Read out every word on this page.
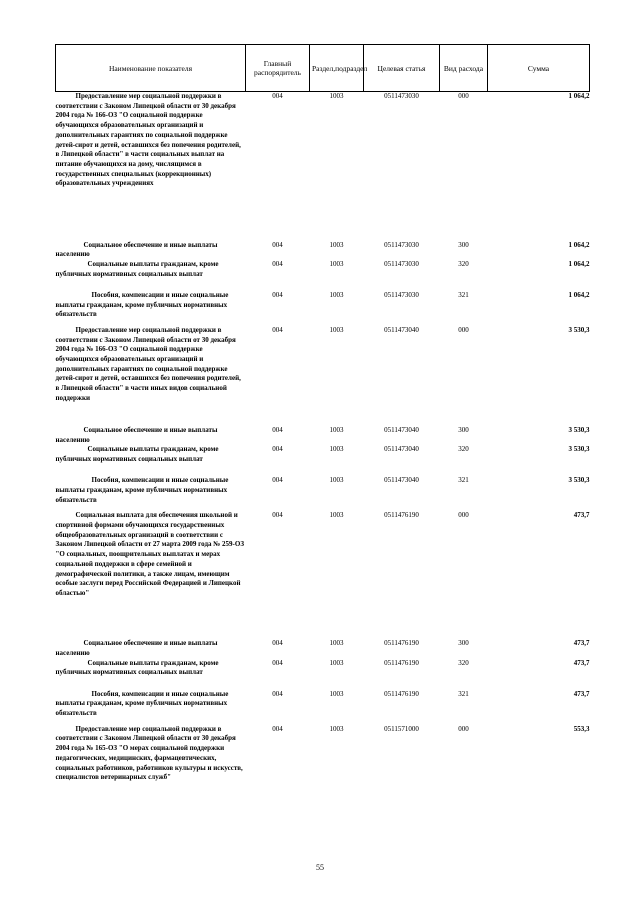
Наименование показателя	Главный распорядитель	Раздел,подраздел	Целевая статья	Вид расхода	Сумма

Предоставление мер социальной поддержки в соответствии с Законом Липецкой области от 30 декабря 2004 года № 166-ОЗ "О социальной поддержке обучающихся образовательных организаций и дополнительных гарантиях по социальной поддержке детей-сирот и детей, оставшихся без попечения родителей, в Липецкой области" в части социальных выплат на питание обучающихся на дому, числящимся в государственных специальных (коррекционных) образовательных учреждениях	004	1003	0511473030	000	1 064,2

Социальное обеспечение и иные выплаты населению	004	1003	0511473030	300	1 064,2

Социальные выплаты гражданам, кроме публичных нормативных социальных выплат	004	1003	0511473030	320	1 064,2

Пособия, компенсации и иные социальные выплаты гражданам, кроме публичных нормативных обязательств	004	1003	0511473030	321	1 064,2

Предоставление мер социальной поддержки в соответствии с Законом Липецкой области от 30 декабря 2004 года № 166-ОЗ "О социальной поддержке обучающихся образовательных организаций и дополнительных гарантиях по социальной поддержке детей-сирот и детей, оставшихся без попечения родителей, в Липецкой области" в части иных видов социальной поддержки	004	1003	0511473040	000	3 530,3

Социальное обеспечение и иные выплаты населению	004	1003	0511473040	300	3 530,3

Социальные выплаты гражданам, кроме публичных нормативных социальных выплат	004	1003	0511473040	320	3 530,3

Пособия, компенсации и иные социальные выплаты гражданам, кроме публичных нормативных обязательств	004	1003	0511473040	321	3 530,3

Социальная выплата для обеспечения школьной и спортивной формами обучающихся государственных общеобразовательных организаций в соответствии с Законом Липецкой области от 27 марта 2009 года № 259-ОЗ "О социальных, поощрительных выплатах и мерах социальной поддержки в сфере семейной и демографической политики, а также лицам, имеющим особые заслуги перед Российской Федерацией и Липецкой областью"	004	1003	0511476190	000	473,7

Социальное обеспечение и иные выплаты населению	004	1003	0511476190	300	473,7

Социальные выплаты гражданам, кроме публичных нормативных социальных выплат	004	1003	0511476190	320	473,7

Пособия, компенсации и иные социальные выплаты гражданам, кроме публичных нормативных обязательств	004	1003	0511476190	321	473,7

Предоставление мер социальной поддержки в соответствии с Законом Липецкой области от 30 декабря 2004 года № 165-ОЗ "О мерах социальной поддержки педагогических, медицинских, фармацевтических, социальных работников, работников культуры и искусств, специалистов ветеринарных служб"	004	1003	0511571000	000	553,3
55
